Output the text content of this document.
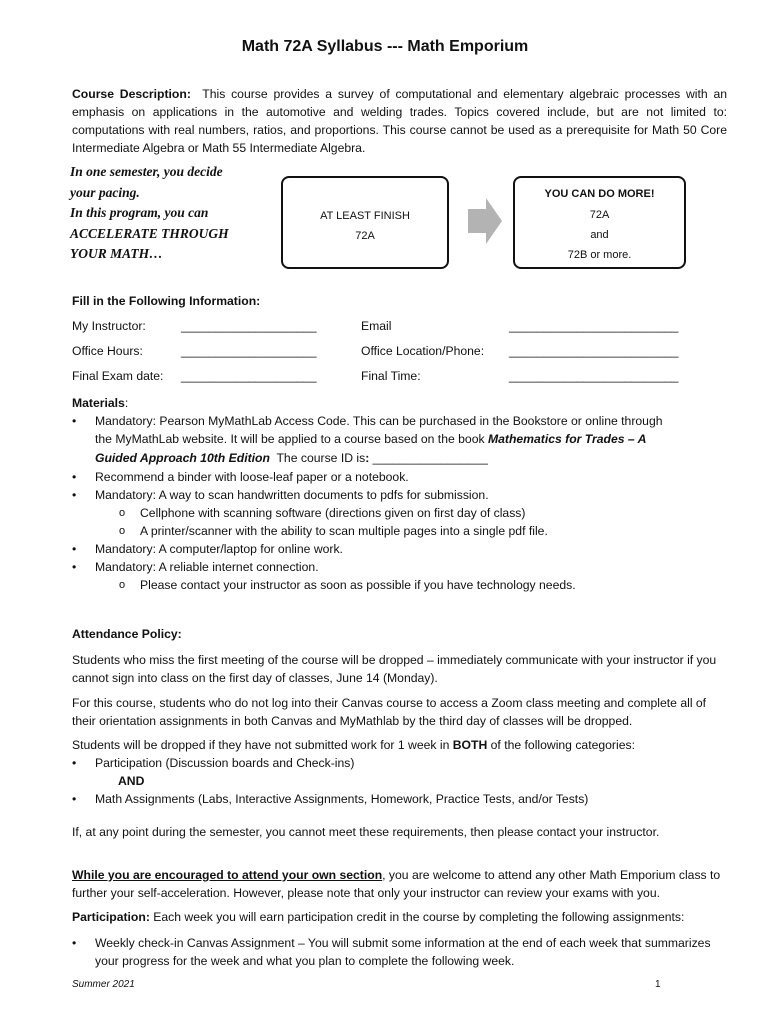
Math 72A Syllabus --- Math Emporium
Course Description: This course provides a survey of computational and elementary algebraic processes with an emphasis on applications in the automotive and welding trades. Topics covered include, but are not limited to: computations with real numbers, ratios, and proportions. This course cannot be used as a prerequisite for Math 50 Core Intermediate Algebra or Math 55 Intermediate Algebra.
In one semester, you decide
your pacing.
In this program, you can
ACCELERATE THROUGH
YOUR MATH…
AT LEAST FINISH
72A
YOU CAN DO MORE!
72A
and
72B or more.
Fill in the Following Information:
My Instructor:	____________________	Email	_________________________
Office Hours:	____________________	Office Location/Phone: _________________________
Final Exam date: ____________________	Final Time:	_________________________
Materials:
• Mandatory: Pearson MyMathLab Access Code. This can be purchased in the Bookstore or online through
the MyMathLab website. It will be applied to a course based on the book Mathematics for Trades – A
Guided Approach 10th Edition The course ID is: _________________
• Recommend a binder with loose-leaf paper or a notebook.
• Mandatory: A way to scan handwritten documents to pdfs for submission.
o Cellphone with scanning software (directions given on first day of class)
o A printer/scanner with the ability to scan multiple pages into a single pdf file.
• Mandatory: A computer/laptop for online work.
• Mandatory: A reliable internet connection.
o Please contact your instructor as soon as possible if you have technology needs.
Attendance Policy:
Students who miss the first meeting of the course will be dropped – immediately communicate with your instructor if you cannot sign into class on the first day of classes, June 14 (Monday).
For this course, students who do not log into their Canvas course to access a Zoom class meeting and complete all of their orientation assignments in both Canvas and MyMathlab by the third day of classes will be dropped.
Students will be dropped if they have not submitted work for 1 week in BOTH of the following categories:
• Participation (Discussion boards and Check-ins)
AND
• Math Assignments (Labs, Interactive Assignments, Homework, Practice Tests, and/or Tests)
If, at any point during the semester, you cannot meet these requirements, then please contact your instructor.
While you are encouraged to attend your own section, you are welcome to attend any other Math Emporium class to further your self-acceleration. However, please note that only your instructor can review your exams with you.
Participation: Each week you will earn participation credit in the course by completing the following assignments:
• Weekly check-in Canvas Assignment – You will submit some information at the end of each week that summarizes your progress for the week and what you plan to complete the following week.
Summer 2021	1
